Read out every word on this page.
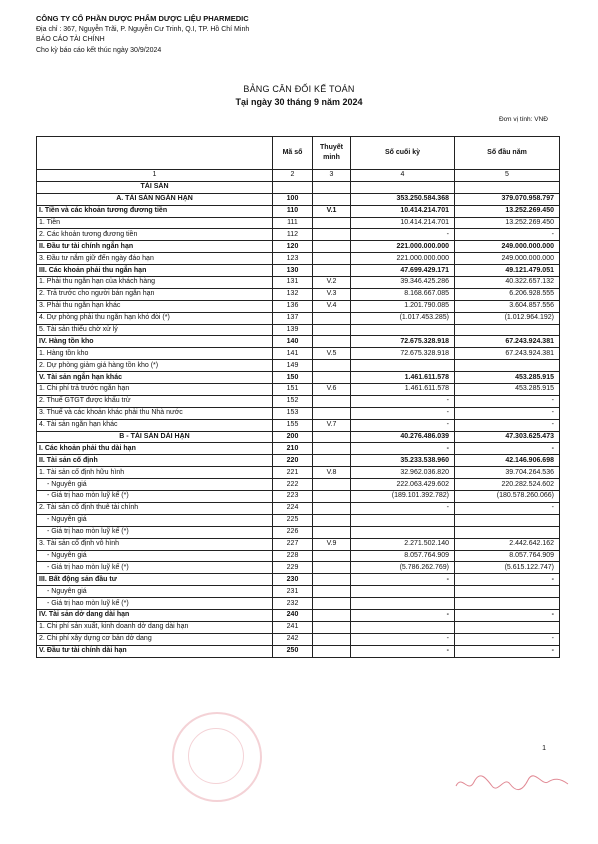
CÔNG TY CỔ PHẦN DƯỢC PHẨM DƯỢC LIỆU PHARMEDIC
Địa chỉ : 367, Nguyễn Trãi, P. Nguyễn Cư Trinh, Q.I, TP. Hồ Chí Minh
BÁO CÁO TÀI CHÍNH
Cho kỳ báo cáo kết thúc ngày 30/9/2024
BẢNG CÂN ĐỐI KẾ TOÁN
Tại ngày 30 tháng 9 năm 2024
Đơn vị tính: VNĐ
	Mã số	Thuyết minh	Số cuối kỳ	Số đầu năm
1	2	3	4	5
TÀI SẢN				
A. TÀI SẢN NGẮN HẠN	100		353.250.584.368	379.070.958.797
I. Tiền và các khoản tương đương tiền	110	V.1	10.414.214.701	13.252.269.450
1. Tiền	111		10.414.214.701	13.252.269.450
2. Các khoản tương đương tiền	112		-	-
II. Đầu tư tài chính ngắn hạn	120		221.000.000.000	249.000.000.000
3. Đầu tư nắm giữ đến ngày đáo hạn	123		221.000.000.000	249.000.000.000
III. Các khoản phải thu ngắn hạn	130		47.699.429.171	49.121.479.051
1. Phải thu ngắn hạn của khách hàng	131	V.2	39.346.425.286	40.322.657.132
2. Trả trước cho người bán ngắn hạn	132	V.3	8.168.667.085	6.206.928.555
3. Phải thu ngắn hạn khác	136	V.4	1.201.790.085	3.604.857.556
4. Dự phòng phải thu ngắn hạn khó đòi (*)	137		(1.017.453.285)	(1.012.964.192)
5. Tài sản thiếu chờ xử lý	139			
IV. Hàng tồn kho	140		72.675.328.918	67.243.924.381
1. Hàng tồn kho	141	V.5	72.675.328.918	67.243.924.381
2. Dự phòng giảm giá hàng tồn kho (*)	149			
V. Tài sản ngắn hạn khác	150		1.461.611.578	453.285.915
1. Chi phí trả trước ngắn hạn	151	V.6	1.461.611.578	453.285.915
2. Thuế GTGT được khấu trừ	152		-	-
3. Thuế và các khoản khác phải thu Nhà nước	153		-	-
4. Tài sản ngắn hạn khác	155	V.7	-	-
B - TÀI SẢN DÀI HẠN	200		40.276.486.039	47.303.625.473
I. Các khoản phải thu dài hạn	210		-	-
II. Tài sản cố định	220		35.233.538.960	42.146.906.698
1. Tài sản cố định hữu hình	221	V.8	32.962.036.820	39.704.264.536
- Nguyên giá	222		222.063.429.602	220.282.524.602
- Giá trị hao mòn luỹ kế (*)	223		(189.101.392.782)	(180.578.260.066)
2. Tài sản cố định thuê tài chính	224		-	-
- Nguyên giá	225			
- Giá trị hao mòn luỹ kế (*)	226			
3. Tài sản cố định vô hình	227	V.9	2.271.502.140	2.442.642.162
- Nguyên giá	228		8.057.764.909	8.057.764.909
- Giá trị hao mòn luỹ kế (*)	229		(5.786.262.769)	(5.615.122.747)
III. Bất động sản đầu tư	230		-	-
- Nguyên giá	231			
- Giá trị hao mòn luỹ kế (*)	232			
IV. Tài sản dở dang dài hạn	240		-	-
1. Chi phí sản xuất, kinh doanh dở dang dài hạn	241			
2. Chi phí xây dựng cơ bản dở dang	242		-	-
V. Đầu tư tài chính dài hạn	250		-	-
1
